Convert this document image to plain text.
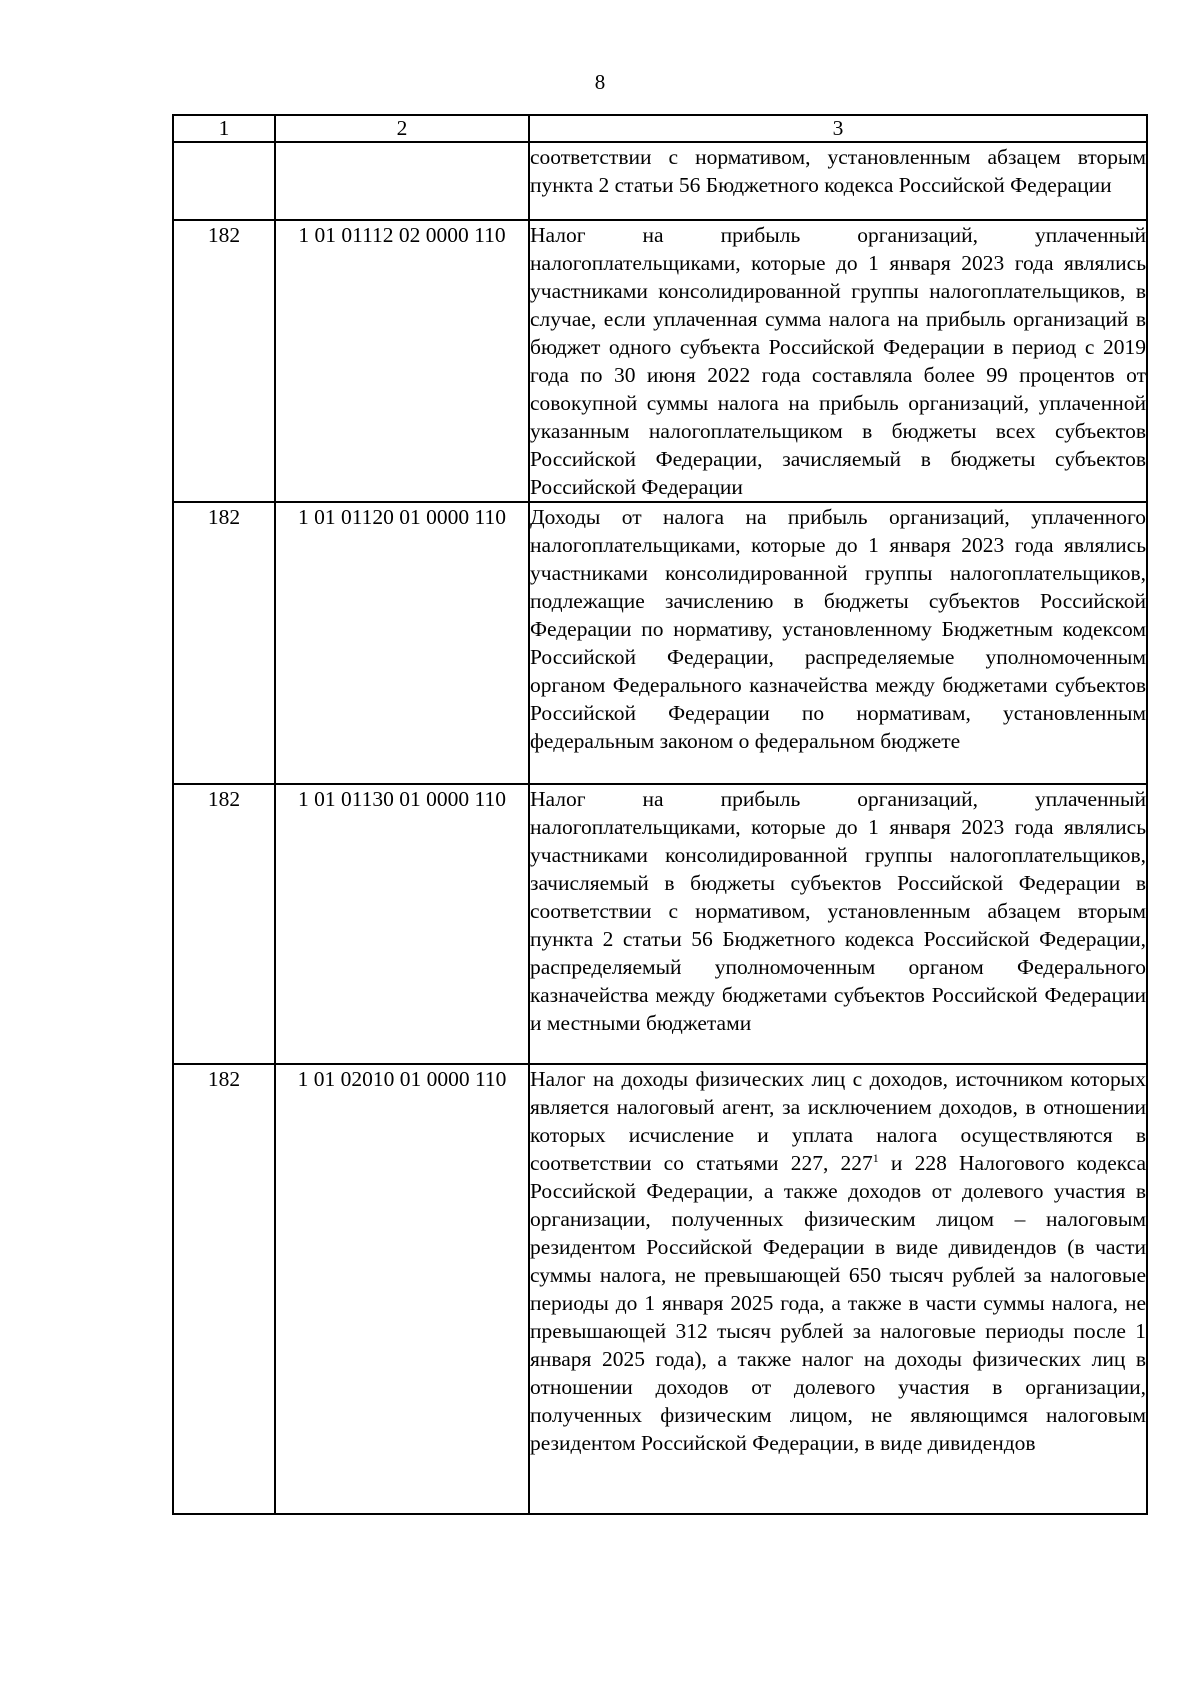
8
1	2	3

		соответствии с нормативом, установленным абзацем вторым пункта 2 статьи 56 Бюджетного кодекса Российской Федерации

182	1 01 01112 02 0000 110	Налог на прибыль организаций, уплаченный налогоплательщиками, которые до 1 января 2023 года являлись участниками консолидированной группы налогоплательщиков, в случае, если уплаченная сумма налога на прибыль организаций в бюджет одного субъекта Российской Федерации в период с 2019 года по 30 июня 2022 года составляла более 99 процентов от совокупной суммы налога на прибыль организаций, уплаченной указанным налогоплательщиком в бюджеты всех субъектов Российской Федерации, зачисляемый в бюджеты субъектов Российской Федерации

182	1 01 01120 01 0000 110	Доходы от налога на прибыль организаций, уплаченного налогоплательщиками, которые до 1 января 2023 года являлись участниками консолидированной группы налогоплательщиков, подлежащие зачислению в бюджеты субъектов Российской Федерации по нормативу, установленному Бюджетным кодексом Российской Федерации, распределяемые уполномоченным органом Федерального казначейства между бюджетами субъектов Российской Федерации по нормативам, установленным федеральным законом о федеральном бюджете

182	1 01 01130 01 0000 110	Налог на прибыль организаций, уплаченный налогоплательщиками, которые до 1 января 2023 года являлись участниками консолидированной группы налогоплательщиков, зачисляемый в бюджеты субъектов Российской Федерации в соответствии с нормативом, установленным абзацем вторым пункта 2 статьи 56 Бюджетного кодекса Российской Федерации, распределяемый уполномоченным органом Федерального казначейства между бюджетами субъектов Российской Федерации и местными бюджетами

182	1 01 02010 01 0000 110	Налог на доходы физических лиц с доходов, источником которых является налоговый агент, за исключением доходов, в отношении которых исчисление и уплата налога осуществляются в соответствии со статьями 227, $227^1$ и 228 Налогового кодекса Российской Федерации, а также доходов от долевого участия в организации, полученных физическим лицом – налоговым резидентом Российской Федерации в виде дивидендов (в части суммы налога, не превышающей 650 тысяч рублей за налоговые периоды до 1 января 2025 года, а также в части суммы налога, не превышающей 312 тысяч рублей за налоговые периоды после 1 января 2025 года), а также налог на доходы физических лиц в отношении доходов от долевого участия в организации, полученных физическим лицом, не являющимся налоговым резидентом Российской Федерации, в виде дивидендов
